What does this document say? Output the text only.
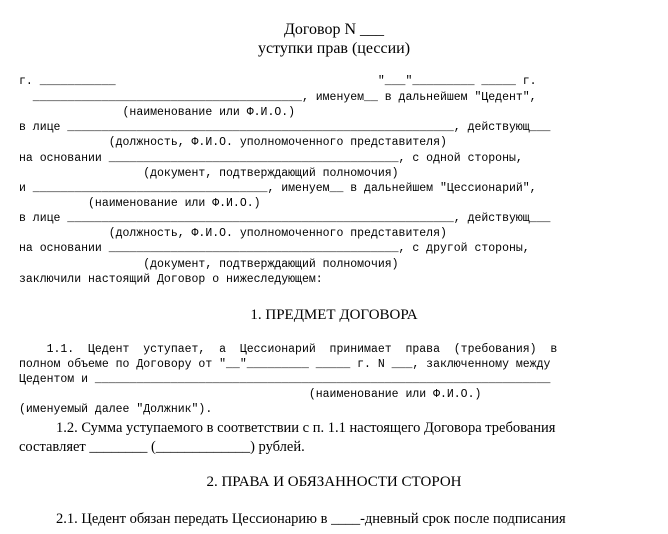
Договор N ___
уступки прав (цессии)
г. ___________                                      "___"_________ _____ г.
_______________________________________, именуем__ в дальнейшем "Цедент",
(наименование или Ф.И.О.)
в лице ________________________________________________________, действующ___
(должность, Ф.И.О. уполномоченного представителя)
на основании __________________________________________, с одной стороны,
(документ, подтверждающий полномочия)
и __________________________________, именуем__ в дальнейшем "Цессионарий",
(наименование или Ф.И.О.)
в лице ________________________________________________________, действующ___
(должность, Ф.И.О. уполномоченного представителя)
на основании __________________________________________, с другой стороны,
(документ, подтверждающий полномочия)
заключили настоящий Договор о нижеследующем:
1. ПРЕДМЕТ ДОГОВОРА
1.1.  Цедент  уступает,  а  Цессионарий  принимает  права  (требования)  в
полном объеме по Договору от "__"_________ _____ г. N ___, заключенному между
Цедентом и __________________________________________________________________
(наименование или Ф.И.О.)
(именуемый далее "Должник").
1.2. Сумма уступаемого в соответствии с п. 1.1 настоящего Договора требования
составляет ________ (_____________) рублей.
2. ПРАВА И ОБЯЗАННОСТИ СТОРОН
2.1. Цедент обязан передать Цессионарию в ____-дневный срок после подписания
